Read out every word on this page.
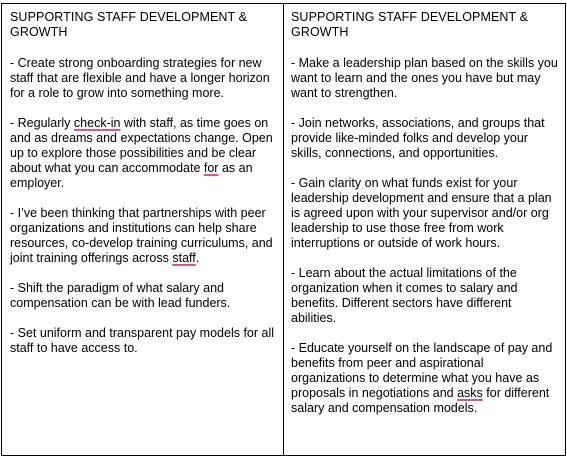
SUPPORTING STAFF DEVELOPMENT & GROWTH

- Create strong onboarding strategies for new staff that are flexible and have a longer horizon for a role to grow into something more.

- Regularly check-in with staff, as time goes on and as dreams and expectations change. Open up to explore those possibilities and be clear about what you can accommodate for as an employer.

- I’ve been thinking that partnerships with peer organizations and institutions can help share resources, co-develop training curriculums, and joint training offerings across staff.

- Shift the paradigm of what salary and compensation can be with lead funders.

- Set uniform and transparent pay models for all staff to have access to.

SUPPORTING STAFF DEVELOPMENT & GROWTH

- Make a leadership plan based on the skills you want to learn and the ones you have but may want to strengthen.

- Join networks, associations, and groups that provide like-minded folks and develop your skills, connections, and opportunities.

- Gain clarity on what funds exist for your leadership development and ensure that a plan is agreed upon with your supervisor and/or org leadership to use those free from work interruptions or outside of work hours.

- Learn about the actual limitations of the organization when it comes to salary and benefits. Different sectors have different abilities.

- Educate yourself on the landscape of pay and benefits from peer and aspirational organizations to determine what you have as proposals in negotiations and asks for different salary and compensation models.
